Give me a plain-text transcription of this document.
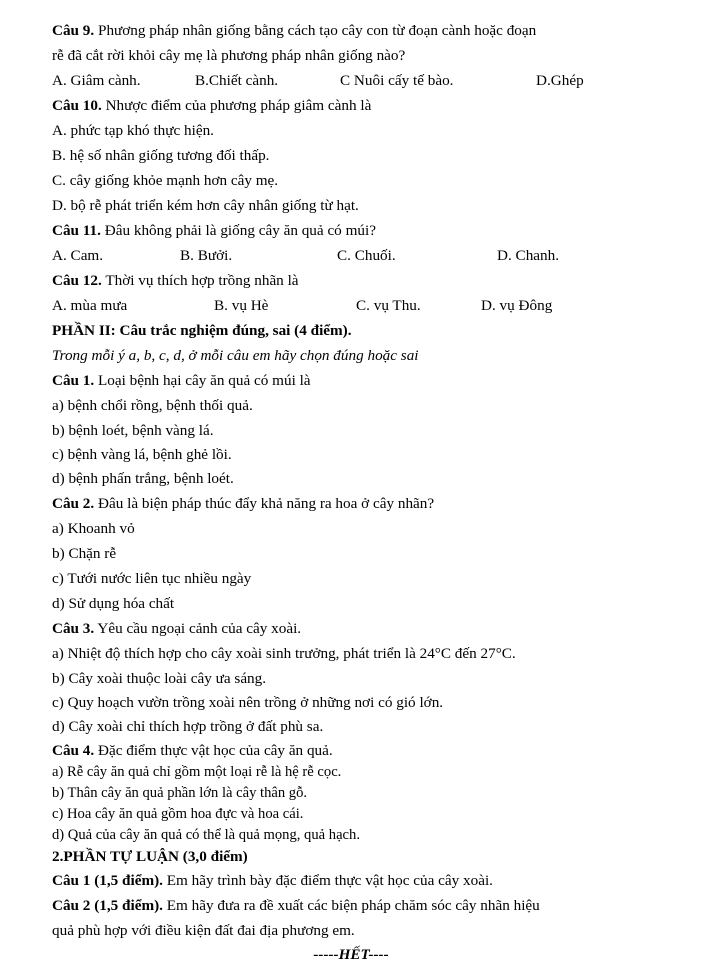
Câu 9. Phương pháp nhân giống bằng cách tạo cây con từ đoạn cành hoặc đoạn
rễ đã cắt rời khỏi cây mẹ là phương pháp nhân giống nào?
A. Giâm cành.	B.Chiết cành.	C Nuôi cấy tế bào.	D.Ghép
Câu 10. Nhược điểm của phương pháp giâm cành là
A. phức tạp khó thực hiện.
B. hệ số nhân giống tương đối thấp.
C. cây giống khỏe mạnh hơn cây mẹ.
D. bộ rễ phát triển kém hơn cây nhân giống từ hạt.
Câu 11. Đâu không phải là giống cây ăn quả có múi?
A. Cam.	B. Bưởi.	C. Chuối.	D. Chanh.
Câu 12. Thời vụ thích hợp trồng nhãn là
A. mùa mưa	B. vụ Hè	C. vụ Thu.	D. vụ Đông
PHẦN II: Câu trắc nghiệm đúng, sai (4 điểm).
Trong mỗi ý a, b, c, d, ở mỗi câu em hãy chọn đúng hoặc sai
Câu 1. Loại bệnh hại cây ăn quả có múi là
a) bệnh chổi rồng, bệnh thối quả.
b) bệnh loét, bệnh vàng lá.
c) bệnh vàng lá, bệnh ghẻ lồi.
d) bệnh phấn trắng, bệnh loét.
Câu 2. Đâu là biện pháp thúc đẩy khả năng ra hoa ở cây nhãn?
a) Khoanh vỏ
b) Chặn rễ
c) Tưới nước liên tục nhiều ngày
d) Sử dụng hóa chất
Câu 3. Yêu cầu ngoại cảnh của cây xoài.
a) Nhiệt độ thích hợp cho cây xoài sinh trưởng, phát triển là 24°C đến 27°C.
b) Cây xoài thuộc loài cây ưa sáng.
c) Quy hoạch vườn trồng xoài nên trồng ở những nơi có gió lớn.
d) Cây xoài chỉ thích hợp trồng ở đất phù sa.
Câu 4. Đặc điểm thực vật học của cây ăn quả.
a) Rễ cây ăn quả chỉ gồm một loại rễ là hệ rễ cọc.
b) Thân cây ăn quả phần lớn là cây thân gỗ.
c) Hoa cây ăn quả gồm hoa đực và hoa cái.
d) Quả của cây ăn quả có thể là quả mọng, quả hạch.
2.PHẦN TỰ LUẬN (3,0 điểm)
Câu 1 (1,5 điểm). Em hãy trình bày đặc điểm thực vật học của cây xoài.
Câu 2 (1,5 điểm). Em hãy đưa ra đề xuất các biện pháp chăm sóc cây nhãn hiệu
quả phù hợp với điều kiện đất đai địa phương em.
-----HẾT----
